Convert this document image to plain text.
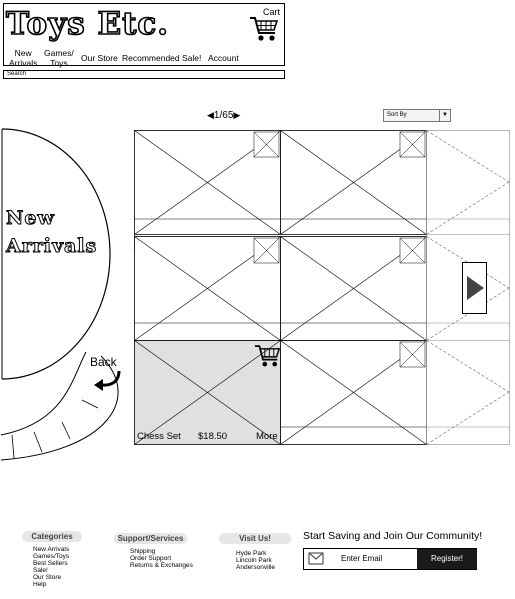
Toys Etc.	Cart
New
Arrivals
Games/
Toys	Our Store Recommended Sale! Account
Search
◀1/65▶	Sort By	▼
New
Arrivals
Back
Chess Set $18.50	More
Categories
New Arrivals
Games/Toys
Best Sellers
Sale!
Our Store
Help
Support/Services
Shipping
Order Support
Returns & Exchanges
Visit Us!
Hyde Park
Lincoln Park
Andersonville
Start Saving and Join Our Community!
Enter Email	Register!
